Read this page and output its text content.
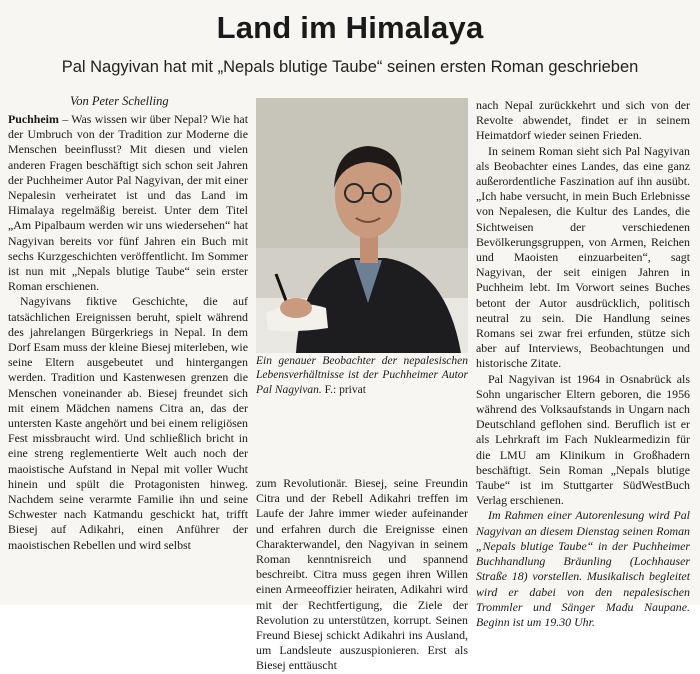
Land im Himalaya
Pal Nagyivan hat mit „Nepals blutige Taube“ seinen ersten Roman geschrieben
Von Peter Schelling

Puchheim – Was wissen wir über Nepal? Wie hat der Umbruch von der Tradition zur Moderne die Menschen beeinflusst? Mit diesen und vielen anderen Fragen beschäftigt sich schon seit Jahren der Puchheimer Autor Pal Nagyivan, der mit einer Nepalesin verheiratet ist und das Land im Himalaya regelmäßig bereist. Unter dem Titel „Am Pipalbaum werden wir uns wiedersehen“ hat Nagyivan bereits vor fünf Jahren ein Buch mit sechs Kurzgeschichten veröffentlicht. Im Sommer ist nun mit „Nepals blutige Taube“ sein erster Roman erschienen.

Nagyivans fiktive Geschichte, die auf tatsächlichen Ereignissen beruht, spielt während des jahrelangen Bürgerkriegs in Nepal. In dem Dorf Esam muss der kleine Biesej miterleben, wie seine Eltern ausgebeutet und hintergangen werden. Tradition und Kastenwesen grenzen die Menschen voneinander ab. Biesej freundet sich mit einem Mädchen namens Citra an, das der untersten Kaste angehört und bei einem religiösen Fest missbraucht wird. Und schließlich bricht in eine streng reglementierte Welt auch noch der maoistische Aufstand in Nepal mit voller Wucht hinein und spült die Protagonisten hinweg. Nachdem seine verarmte Familie ihn und seine Schwester nach Katmandu geschickt hat, trifft Biesej auf Adikahri, einen Anführer der maoistischen Rebellen und wird selbst

Ein genauer Beobachter der nepalesischen Lebensverhältnisse ist der Puchheimer Autor Pal Nagyivan. F.: privat

zum Revolutionär. Biesej, seine Freundin Citra und der Rebell Adikahri treffen im Laufe der Jahre immer wieder aufeinander und erfahren durch die Ereignisse einen Charakterwandel, den Nagyivan in seinem Roman kenntnisreich und spannend beschreibt. Citra muss gegen ihren Willen einen Armeeoffizier heiraten, Adikahri wird mit der Rechtfertigung, die Ziele der Revolution zu unterstützen, korrupt. Seinen Freund Biesej schickt Adikahri ins Ausland, um Landsleute auszuspionieren. Erst als Biesej enttäuscht

nach Nepal zurückkehrt und sich von der Revolte abwendet, findet er in seinem Heimatdorf wieder seinen Frieden.

In seinem Roman sieht sich Pal Nagyivan als Beobachter eines Landes, das eine ganz außerordentliche Faszination auf ihn ausübt. „Ich habe versucht, in mein Buch Erlebnisse von Nepalesen, die Kultur des Landes, die Sichtweisen der verschiedenen Bevölkerungsgruppen, von Armen, Reichen und Maoisten einzuarbeiten“, sagt Nagyivan, der seit einigen Jahren in Puchheim lebt. Im Vorwort seines Buches betont der Autor ausdrücklich, politisch neutral zu sein. Die Handlung seines Romans sei zwar frei erfunden, stütze sich aber auf Interviews, Beobachtungen und historische Zitate.

Pal Nagyivan ist 1964 in Osnabrück als Sohn ungarischer Eltern geboren, die 1956 während des Volksaufstands in Ungarn nach Deutschland geflohen sind. Beruflich ist er als Lehrkraft im Fach Nuklearmedizin für die LMU am Klinikum in Großhadern beschäftigt. Sein Roman „Nepals blutige Taube“ ist im Stuttgarter SüdWestBuch Verlag erschienen.

Im Rahmen einer Autorenlesung wird Pal Nagyivan an diesem Dienstag seinen Roman „Nepals blutige Taube“ in der Puchheimer Buchhandlung Bräunling (Lochhauser Straße 18) vorstellen. Musikalisch begleitet wird er dabei von den nepalesischen Trommler und Sänger Madu Naupane. Beginn ist um 19.30 Uhr.
